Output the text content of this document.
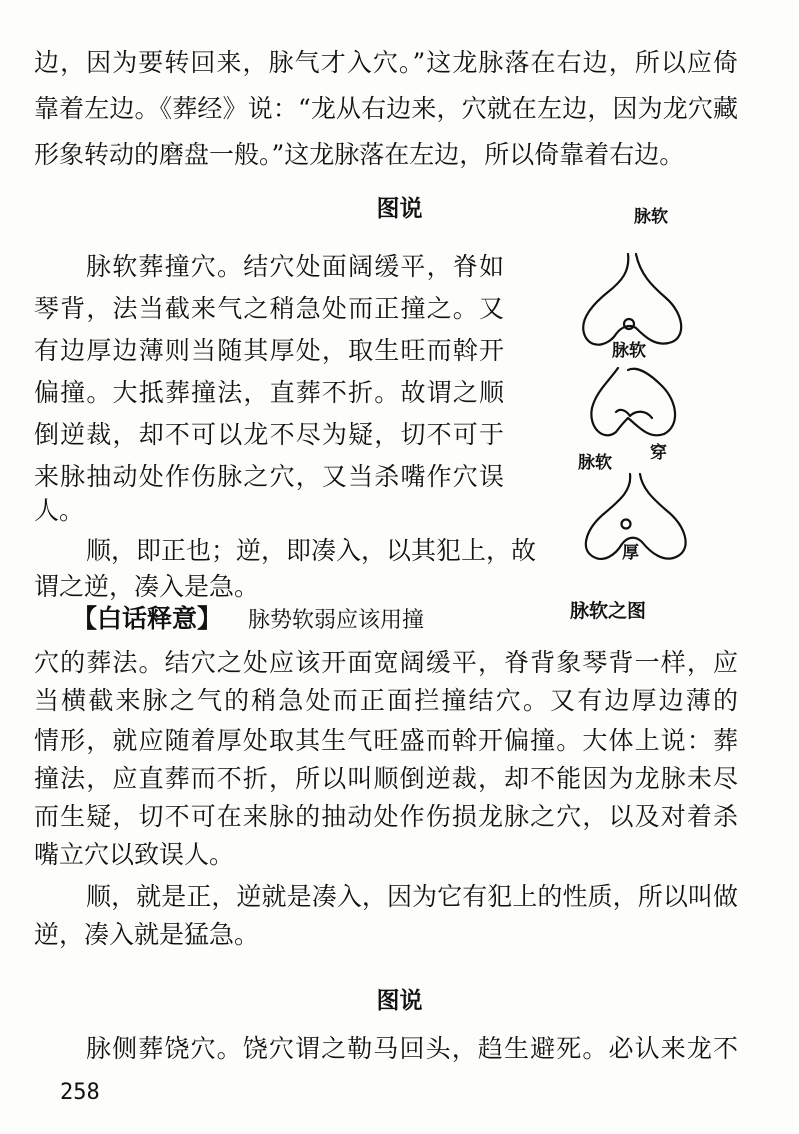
边，因为要转回来，脉气才入穴。”这龙脉落在右边，所以应倚
靠着左边。《葬经》说：“龙从右边来，穴就在左边，因为龙穴藏
形象转动的磨盘一般。”这龙脉落在左边，所以倚靠着右边。
图说
脉软葬撞穴。结穴处面阔缓平，脊如
琴背，法当截来气之稍急处而正撞之。又
有边厚边薄则当随其厚处，取生旺而斡开
偏撞。大抵葬撞法，直葬不折。故谓之顺
倒逆裁，却不可以龙不尽为疑，切不可于
来脉抽动处作伤脉之穴，又当杀嘴作穴误
人。
顺，即正也；逆，即凑入，以其犯上，故
谓之逆，凑入是急。
脉软
脉软
穿
脉软
厚
脉软之图
【白话释意】 脉势软弱应该用撞
穴的葬法。结穴之处应该开面宽阔缓平，脊背象琴背一样，应
当横截来脉之气的稍急处而正面拦撞结穴。又有边厚边薄的
情形，就应随着厚处取其生气旺盛而斡开偏撞。大体上说：葬
撞法，应直葬而不折，所以叫顺倒逆裁，却不能因为龙脉未尽
而生疑，切不可在来脉的抽动处作伤损龙脉之穴，以及对着杀
嘴立穴以致误人。
顺，就是正，逆就是凑入，因为它有犯上的性质，所以叫做
逆，凑入就是猛急。
图说
脉侧葬饶穴。饶穴谓之勒马回头，趋生避死。必认来龙不
258
